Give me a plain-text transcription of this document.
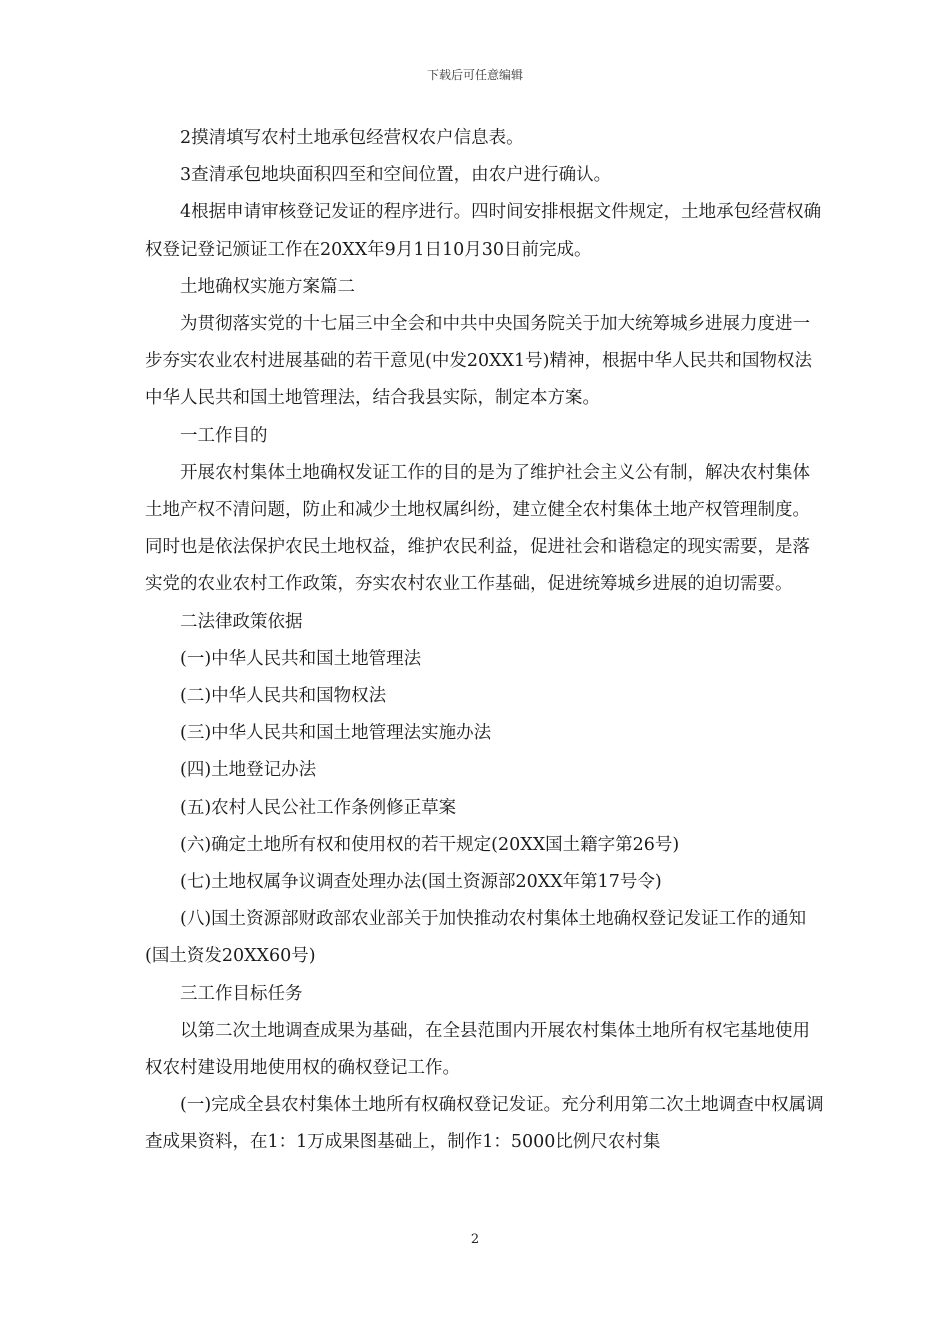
下载后可任意编辑

2摸清填写农村土地承包经营权农户信息表。

3查清承包地块面积四至和空间位置，由农户进行确认。

4根据申请审核登记发证的程序进行。四时间安排根据文件规定，土地承包经营权确权登记登记颁证工作在20XX年9月1日10月30日前完成。

土地确权实施方案篇二

为贯彻落实党的十七届三中全会和中共中央国务院关于加大统筹城乡进展力度进一步夯实农业农村进展基础的若干意见(中发20XX1号)精神，根据中华人民共和国物权法中华人民共和国土地管理法，结合我县实际，制定本方案。

一工作目的

开展农村集体土地确权发证工作的目的是为了维护社会主义公有制，解决农村集体土地产权不清问题，防止和减少土地权属纠纷，建立健全农村集体土地产权管理制度。同时也是依法保护农民土地权益，维护农民利益，促进社会和谐稳定的现实需要，是落实党的农业农村工作政策，夯实农村农业工作基础，促进统筹城乡进展的迫切需要。

二法律政策依据

(一)中华人民共和国土地管理法

(二)中华人民共和国物权法

(三)中华人民共和国土地管理法实施办法

(四)土地登记办法

(五)农村人民公社工作条例修正草案

(六)确定土地所有权和使用权的若干规定(20XX国土籍字第26号)

(七)土地权属争议调查处理办法(国土资源部20XX年第17号令)

(八)国土资源部财政部农业部关于加快推动农村集体土地确权登记发证工作的通知(国土资发20XX60号)

三工作目标任务

以第二次土地调查成果为基础，在全县范围内开展农村集体土地所有权宅基地使用权农村建设用地使用权的确权登记工作。

(一)完成全县农村集体土地所有权确权登记发证。充分利用第二次土地调查中权属调查成果资料，在1：1万成果图基础上，制作1：5000比例尺农村集

2
